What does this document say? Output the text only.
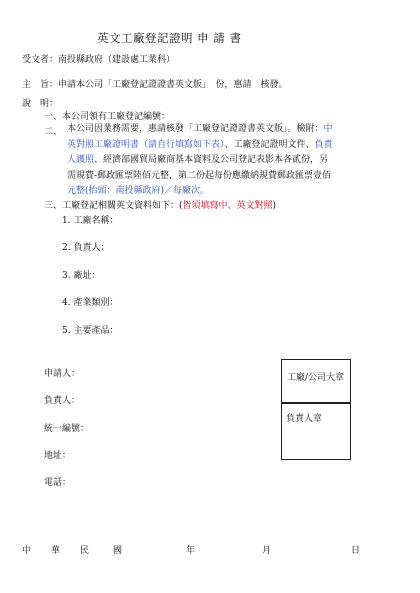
英文工廠登記證明 申 請 書
受文者：南投縣政府（建設處工業科）
主　旨：申請本公司「工廠登記證證書英文版」　份，惠請　核發。
說　明：
一、本公司領有工廠登記編號：
二、 本公司因業務需要，惠請核發「工廠登記證證書英文版」。檢附：中
英對照工廠證明書（請自行填寫如下表）、工廠登記證明文件、負責
人護照、經濟部國貿局廠商基本資料及公司登記表影本各貳份，另
需規費-郵政匯票陸佰元整，第二份起每份應繳納規費郵政匯票壹佰
元整(抬頭：南投縣政府)／每廠次。
三、工廠登記相關英文資料如下：(皆須填寫中、英文對照)
1. 工廠名稱：
2. 負責人：
3. 廠址：
4. 產業類別：
5. 主要產品：
申請人：
負責人：
統一編號：
地址：
電話：
工廠/公司大章
負責人章
中 華 民	國	年	月	日
